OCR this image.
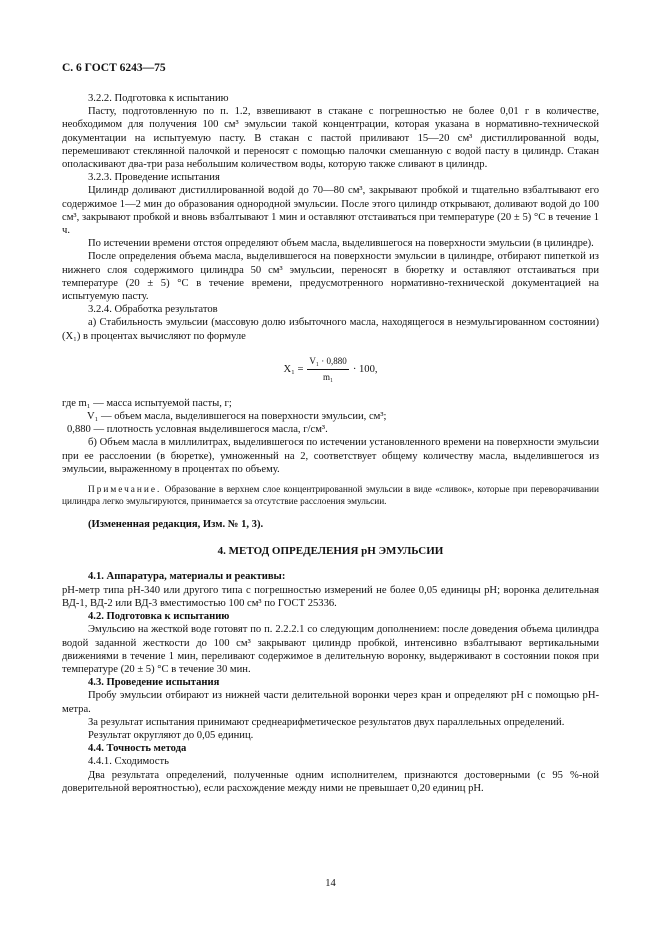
С. 6 ГОСТ 6243—75

3.2.2. Подготовка к испытанию

Пасту, подготовленную по п. 1.2, взвешивают в стакане с погрешностью не более 0,01 г в количестве, необходимом для получения 100 см³ эмульсии такой концентрации, которая указана в нормативно-технической документации на испытуемую пасту. В стакан с пастой приливают 15—20 см³ дистиллированной воды, перемешивают стеклянной палочкой и переносят с помощью палочки смешанную с водой пасту в цилиндр. Стакан ополаскивают два-три раза небольшим количеством воды, которую также сливают в цилиндр.

3.2.3. Проведение испытания

Цилиндр доливают дистиллированной водой до 70—80 см³, закрывают пробкой и тщательно взбалтывают его содержимое 1—2 мин до образования однородной эмульсии. После этого цилиндр открывают, доливают водой до 100 см³, закрывают пробкой и вновь взбалтывают 1 мин и оставляют отстаиваться при температуре (20 ± 5) °С в течение 1 ч.

По истечении времени отстоя определяют объем масла, выделившегося на поверхности эмульсии (в цилиндре).

После определения объема масла, выделившегося на поверхности эмульсии в цилиндре, отбирают пипеткой из нижнего слоя содержимого цилиндра 50 см³ эмульсии, переносят в бюретку и оставляют отстаиваться при температуре (20 ± 5) °С в течение времени, предусмотренного нормативно-технической документацией на испытуемую пасту.

3.2.4. Обработка результатов

а) Стабильность эмульсии (массовую долю избыточного масла, находящегося в неэмульгированном состоянии) (X₁) в процентах вычисляют по формуле

$X_1 = \frac{\text{V₁ · 0,880}}{\text{m₁}} \cdot 100$,

где m₁ — масса испытуемой пасты, г;

V₁ — объем масла, выделившегося на поверхности эмульсии, см³;

0,880 — плотность условная выделившегося масла, г/см³.

б) Объем масла в миллилитрах, выделившегося по истечении установленного времени на поверхности эмульсии при ее расслоении (в бюретке), умноженный на 2, соответствует общему количеству масла, выделившегося из эмульсии, выраженному в процентах по объему.

Примечание. Образование в верхнем слое концентрированной эмульсии в виде «сливок», которые при переворачивании цилиндра легко эмульгируются, принимается за отсутствие расслоения эмульсии.

(Измененная редакция, Изм. № 1, 3).

4. МЕТОД ОПРЕДЕЛЕНИЯ pH ЭМУЛЬСИИ

4.1. Аппаратура, материалы и реактивы:

pH-метр типа pH-340 или другого типа с погрешностью измерений не более 0,05 единицы pH; воронка делительная ВД-1, ВД-2 или ВД-3 вместимостью 100 см³ по ГОСТ 25336.

4.2. Подготовка к испытанию

Эмульсию на жесткой воде готовят по п. 2.2.2.1 со следующим дополнением: после доведения объема цилиндра водой заданной жесткости до 100 см³ закрывают цилиндр пробкой, интенсивно взбалтывают вертикальными движениями в течение 1 мин, переливают содержимое в делительную воронку, выдерживают в состоянии покоя при температуре (20 ± 5) °С в течение 30 мин.

4.3. Проведение испытания

Пробу эмульсии отбирают из нижней части делительной воронки через кран и определяют pH с помощью pH-метра.

За результат испытания принимают среднеарифметическое результатов двух параллельных определений.

Результат округляют до 0,05 единиц.

4.4. Точность метода

4.4.1. Сходимость

Два результата определений, полученные одним исполнителем, признаются достоверными (с 95 %-ной доверительной вероятностью), если расхождение между ними не превышает 0,20 единиц pH.

14
